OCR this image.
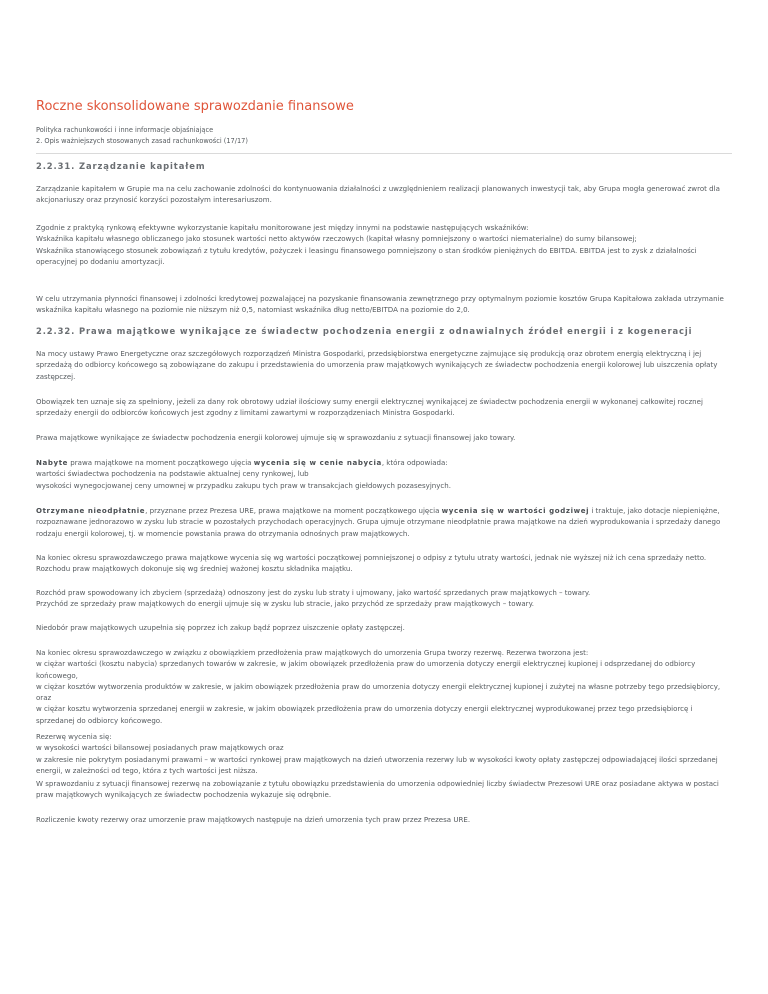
Roczne skonsolidowane sprawozdanie finansowe
Polityka rachunkowości i inne informacje objaśniające
2. Opis ważniejszych stosowanych zasad rachunkowości (17/17)
2.2.31. Zarządzanie kapitałem

Zarządzanie kapitałem w Grupie ma na celu zachowanie zdolności do kontynuowania działalności z uwzględnieniem realizacji planowanych inwestycji tak, aby Grupa mogła generować zwrot dla akcjonariuszy oraz przynosić korzyści pozostałym interesariuszom.

Zgodnie z praktyką rynkową efektywne wykorzystanie kapitału monitorowane jest między innymi na podstawie następujących wskaźników:
Wskaźnika kapitału własnego obliczanego jako stosunek wartości netto aktywów rzeczowych (kapitał własny pomniejszony o wartości niematerialne) do sumy bilansowej;
Wskaźnika stanowiącego stosunek zobowiązań z tytułu kredytów, pożyczek i leasingu finansowego pomniejszony o stan środków pieniężnych do EBITDA. EBITDA jest to zysk z działalności operacyjnej po dodaniu amortyzacji.

W celu utrzymania płynności finansowej i zdolności kredytowej pozwalającej na pozyskanie finansowania zewnętrznego przy optymalnym poziomie kosztów Grupa Kapitałowa zakłada utrzymanie wskaźnika kapitału własnego na poziomie nie niższym niż 0,5, natomiast wskaźnika dług netto/EBITDA na poziomie do 2,0.

2.2.32. Prawa majątkowe wynikające ze świadectw pochodzenia energii z odnawialnych źródeł energii i z kogeneracji

Na mocy ustawy Prawo Energetyczne oraz szczegółowych rozporządzeń Ministra Gospodarki, przedsiębiorstwa energetyczne zajmujące się produkcją oraz obrotem energią elektryczną i jej sprzedażą do odbiorcy końcowego są zobowiązane do zakupu i przedstawienia do umorzenia praw majątkowych wynikających ze świadectw pochodzenia energii kolorowej lub uiszczenia opłaty zastępczej.

Obowiązek ten uznaje się za spełniony, jeżeli za dany rok obrotowy udział ilościowy sumy energii elektrycznej wynikającej ze świadectw pochodzenia energii w wykonanej całkowitej rocznej sprzedaży energii do odbiorców końcowych jest zgodny z limitami zawartymi w rozporządzeniach Ministra Gospodarki.

Prawa majątkowe wynikające ze świadectw pochodzenia energii kolorowej ujmuje się w sprawozdaniu z sytuacji finansowej jako towary.

Nabyte prawa majątkowe na moment początkowego ujęcia wycenia się w cenie nabycia, która odpowiada:
wartości świadectwa pochodzenia na podstawie aktualnej ceny rynkowej, lub
wysokości wynegocjowanej ceny umownej w przypadku zakupu tych praw w transakcjach giełdowych pozasesyjnych.

Otrzymane nieodpłatnie, przyznane przez Prezesa URE, prawa majątkowe na moment początkowego ujęcia wycenia się w wartości godziwej i traktuje, jako dotacje niepieniężne, rozpoznawane jednorazowo w zysku lub stracie w pozostałych przychodach operacyjnych. Grupa ujmuje otrzymane nieodpłatnie prawa majątkowe na dzień wyprodukowania i sprzedaży danego rodzaju energii kolorowej, tj. w momencie powstania prawa do otrzymania odnośnych praw majątkowych.

Na koniec okresu sprawozdawczego prawa majątkowe wycenia się wg wartości początkowej pomniejszonej o odpisy z tytułu utraty wartości, jednak nie wyższej niż ich cena sprzedaży netto. Rozchodu praw majątkowych dokonuje się wg średniej ważonej kosztu składnika majątku.

Rozchód praw spowodowany ich zbyciem (sprzedażą) odnoszony jest do zysku lub straty i ujmowany, jako wartość sprzedanych praw majątkowych – towary.
Przychód ze sprzedaży praw majątkowych do energii ujmuje się w zysku lub stracie, jako przychód ze sprzedaży praw majątkowych – towary.

Niedobór praw majątkowych uzupełnia się poprzez ich zakup bądź poprzez uiszczenie opłaty zastępczej.

Na koniec okresu sprawozdawczego w związku z obowiązkiem przedłożenia praw majątkowych do umorzenia Grupa tworzy rezerwę. Rezerwa tworzona jest:
w ciężar wartości (kosztu nabycia) sprzedanych towarów w zakresie, w jakim obowiązek przedłożenia praw do umorzenia dotyczy energii elektrycznej kupionej i odsprzedanej do odbiorcy końcowego,
w ciężar kosztów wytworzenia produktów w zakresie, w jakim obowiązek przedłożenia praw do umorzenia dotyczy energii elektrycznej kupionej i zużytej na własne potrzeby tego przedsiębiorcy, oraz
w ciężar kosztu wytworzenia sprzedanej energii w zakresie, w jakim obowiązek przedłożenia praw do umorzenia dotyczy energii elektrycznej wyprodukowanej przez tego przedsiębiorcę i sprzedanej do odbiorcy końcowego.
Rezerwę wycenia się:
w wysokości wartości bilansowej posiadanych praw majątkowych oraz
w zakresie nie pokrytym posiadanymi prawami – w wartości rynkowej praw majątkowych na dzień utworzenia rezerwy lub w wysokości kwoty opłaty zastępczej odpowiadającej ilości sprzedanej energii, w zależności od tego, która z tych wartości jest niższa.

W sprawozdaniu z sytuacji finansowej rezerwę na zobowiązanie z tytułu obowiązku przedstawienia do umorzenia odpowiedniej liczby świadectw Prezesowi URE oraz posiadane aktywa w postaci praw majątkowych wynikających ze świadectw pochodzenia wykazuje się odrębnie.

Rozliczenie kwoty rezerwy oraz umorzenie praw majątkowych następuje na dzień umorzenia tych praw przez Prezesa URE.
